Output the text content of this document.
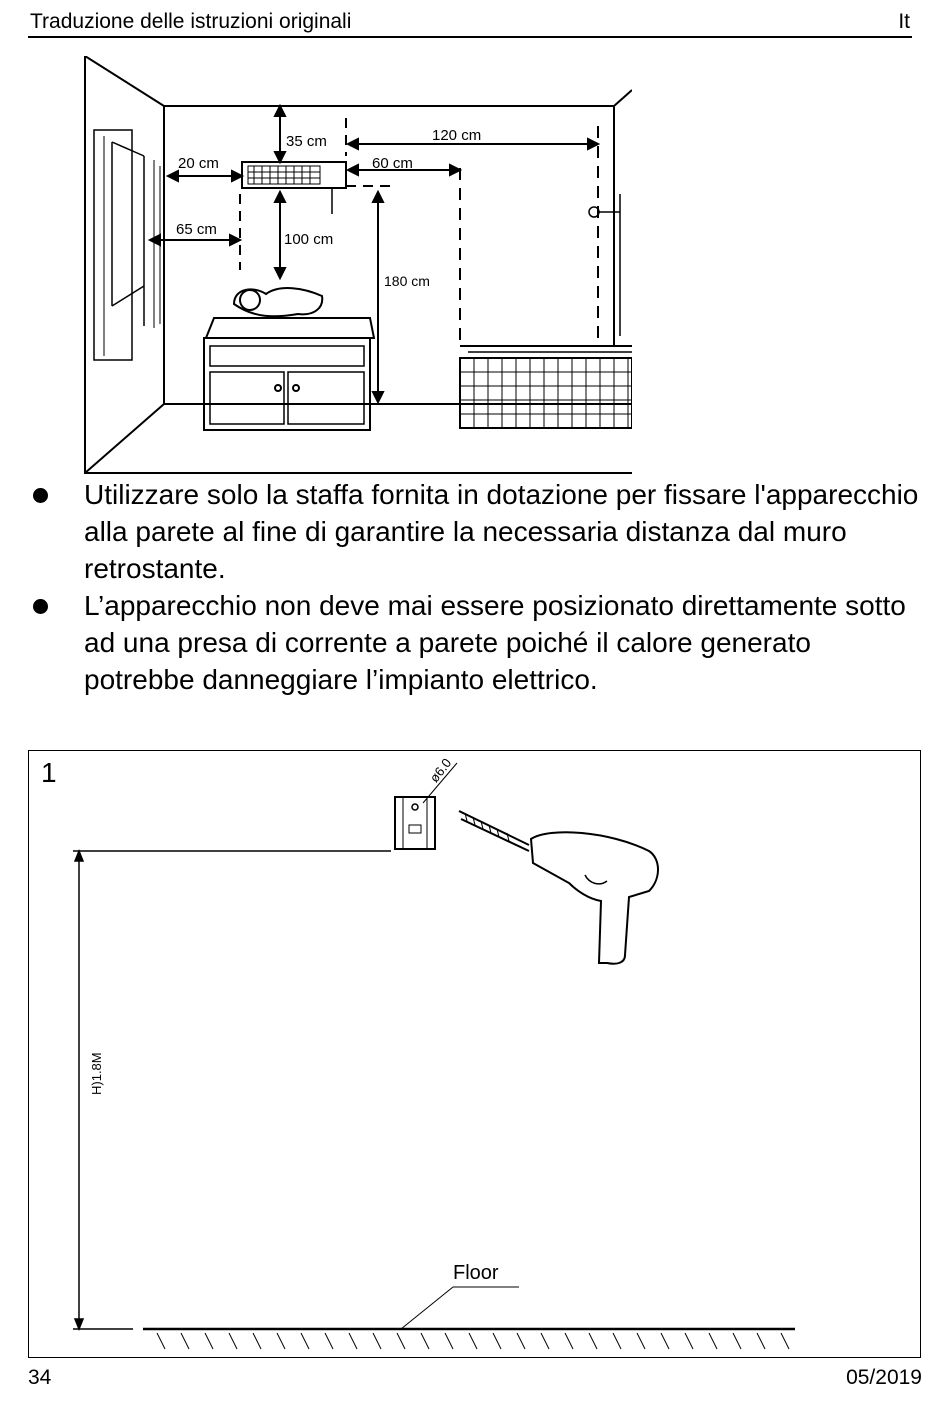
Traduzione delle istruzioni originali	It
35 cm	120 cm
20 cm	60 cm
65 cm
100 cm
180 cm
Utilizzare solo la staffa fornita in dotazione per fissare l'apparecchio alla parete al fine di garantire la necessaria distanza dal muro retrostante.
L’apparecchio non deve mai essere posizionato direttamente sotto ad una presa di corrente a parete poiché il calore generato potrebbe danneggiare l’impianto elettrico.
1	ø6.0
H)1.8M
Floor
34	05/2019
